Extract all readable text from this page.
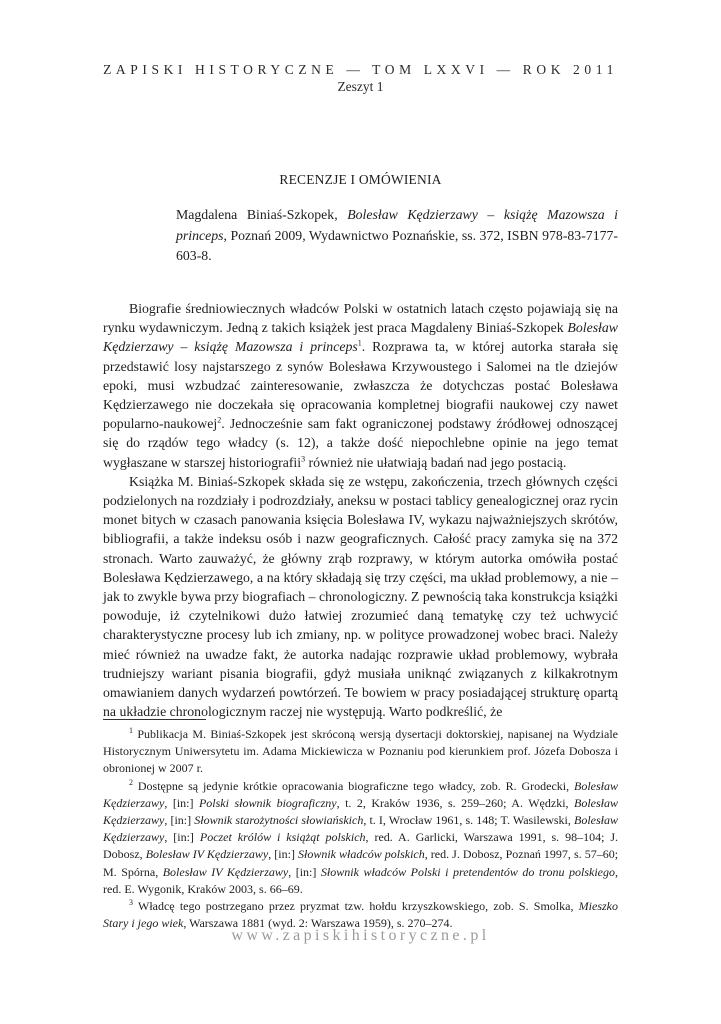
ZAPISKI HISTORYCZNE — TOM LXXVI — ROK 2011
Zeszyt 1
RECENZJE I OMÓWIENIA
Magdalena Biniaś-Szkopek, Bolesław Kędzierzawy – książę Mazowsza i princeps, Poznań 2009, Wydawnictwo Poznańskie, ss. 372, ISBN 978-83-7177-603-8.

Biografie średniowiecznych władców Polski w ostatnich latach często pojawiają się na rynku wydawniczym. Jedną z takich książek jest praca Magdaleny Biniaś-Szkopek Bolesław Kędzierzawy – książę Mazowsza i princeps$^1$. Rozprawa ta, w której autorka starała się przedstawić losy najstarszego z synów Bolesława Krzywoustego i Salomei na tle dziejów epoki, musi wzbudzać zainteresowanie, zwłaszcza że dotychczas postać Bolesława Kędzierzawego nie doczekała się opracowania kompletnej biografii naukowej czy nawet popularno-naukowej$^2$. Jednocześnie sam fakt ograniczonej podstawy źródłowej odnoszącej się do rządów tego władcy (s. 12), a także dość niepochlebne opinie na jego temat wygłaszane w starszej historiografii$^3$ również nie ułatwiają badań nad jego postacią.

Książka M. Biniaś-Szkopek składa się ze wstępu, zakończenia, trzech głównych części podzielonych na rozdziały i podrozdziały, aneksu w postaci tablicy genealogicznej oraz rycin monet bitych w czasach panowania księcia Bolesława IV, wykazu najważniejszych skrótów, bibliografii, a także indeksu osób i nazw geograficznych. Całość pracy zamyka się na 372 stronach. Warto zauważyć, że główny zrąb rozprawy, w którym autorka omówiła postać Bolesława Kędzierzawego, a na który składają się trzy części, ma układ problemowy, a nie – jak to zwykle bywa przy biografiach – chronologiczny. Z pewnością taka konstrukcja książki powoduje, iż czytelnikowi dużo łatwiej zrozumieć daną tematykę czy też uchwycić charakterystyczne procesy lub ich zmiany, np. w polityce prowadzonej wobec braci. Należy mieć również na uwadze fakt, że autorka nadając rozprawie układ problemowy, wybrała trudniejszy wariant pisania biografii, gdyż musiała uniknąć związanych z kilkakrotnym omawianiem danych wydarzeń powtórzeń. Te bowiem w pracy posiadającej strukturę opartą na układzie chronologicznym raczej nie występują. Warto podkreślić, że

$^1$ Publikacja M. Biniaś-Szkopek jest skróconą wersją dysertacji doktorskiej, napisanej na Wydziale Historycznym Uniwersytetu im. Adama Mickiewicza w Poznaniu pod kierunkiem prof. Józefa Dobosza i obronionej w 2007 r.

$^2$ Dostępne są jedynie krótkie opracowania biograficzne tego władcy, zob. R. Grodecki, Bolesław Kędzierzawy, [in:] Polski słownik biograficzny, t. 2, Kraków 1936, s. 259–260; A. Wędzki, Bolesław Kędzierzawy, [in:] Słownik starożytności słowiańskich, t. I, Wrocław 1961, s. 148; T. Wasilewski, Bolesław Kędzierzawy, [in:] Poczet królów i książąt polskich, red. A. Garlicki, Warszawa 1991, s. 98–104; J. Dobosz, Bolesław IV Kędzierzawy, [in:] Słownik władców polskich, red. J. Dobosz, Poznań 1997, s. 57–60; M. Spórna, Bolesław IV Kędzierzawy, [in:] Słownik władców Polski i pretendentów do tronu polskiego, red. E. Wygonik, Kraków 2003, s. 66–69.

$^3$ Władcę tego postrzegano przez pryzmat tzw. hołdu krzyszkowskiego, zob. S. Smolka, Mieszko Stary i jego wiek, Warszawa 1881 (wyd. 2: Warszawa 1959), s. 270–274.

www.zapiskihistoryczne.pl
